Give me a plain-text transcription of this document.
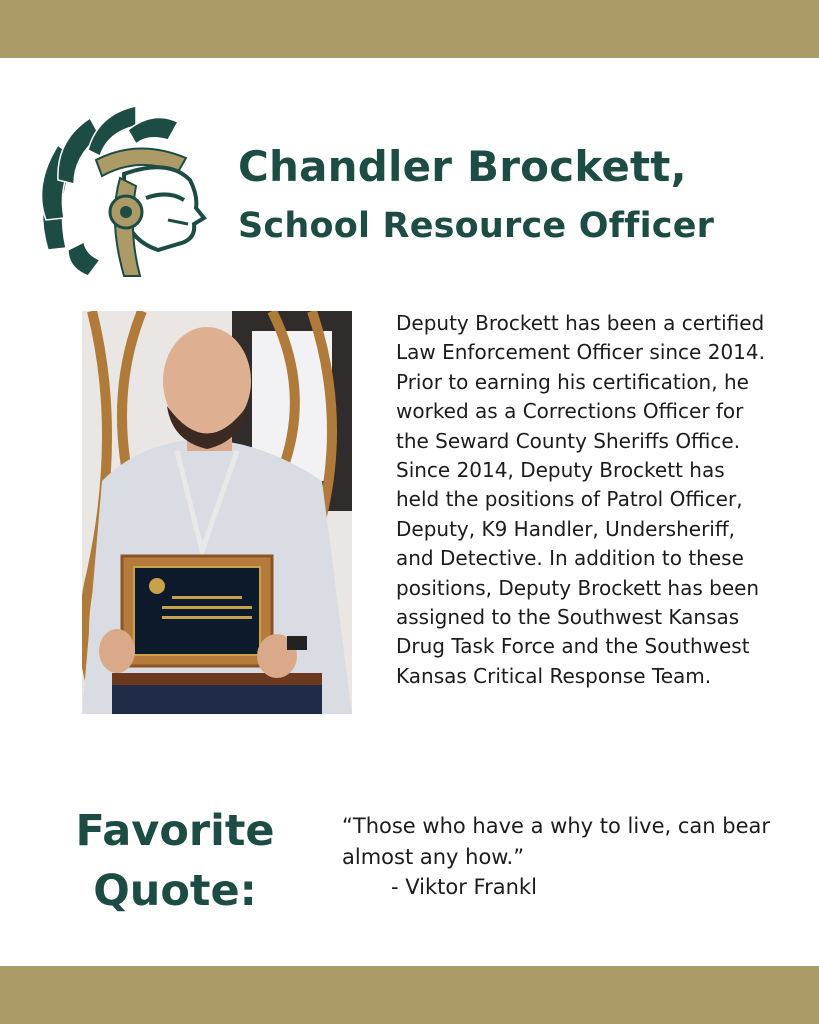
Chandler Brockett,
School Resource Officer
Deputy Brockett has been a certified Law Enforcement Officer since 2014. Prior to earning his certification, he worked as a Corrections Officer for the Seward County Sheriffs Office. Since 2014, Deputy Brockett has held the positions of Patrol Officer, Deputy, K9 Handler, Undersheriff, and Detective. In addition to these positions, Deputy Brockett has been assigned to the Southwest Kansas Drug Task Force and the Southwest Kansas Critical Response Team.
Favorite
Quote:
“Those who have a why to live, can bear almost any how.”
- Viktor Frankl
